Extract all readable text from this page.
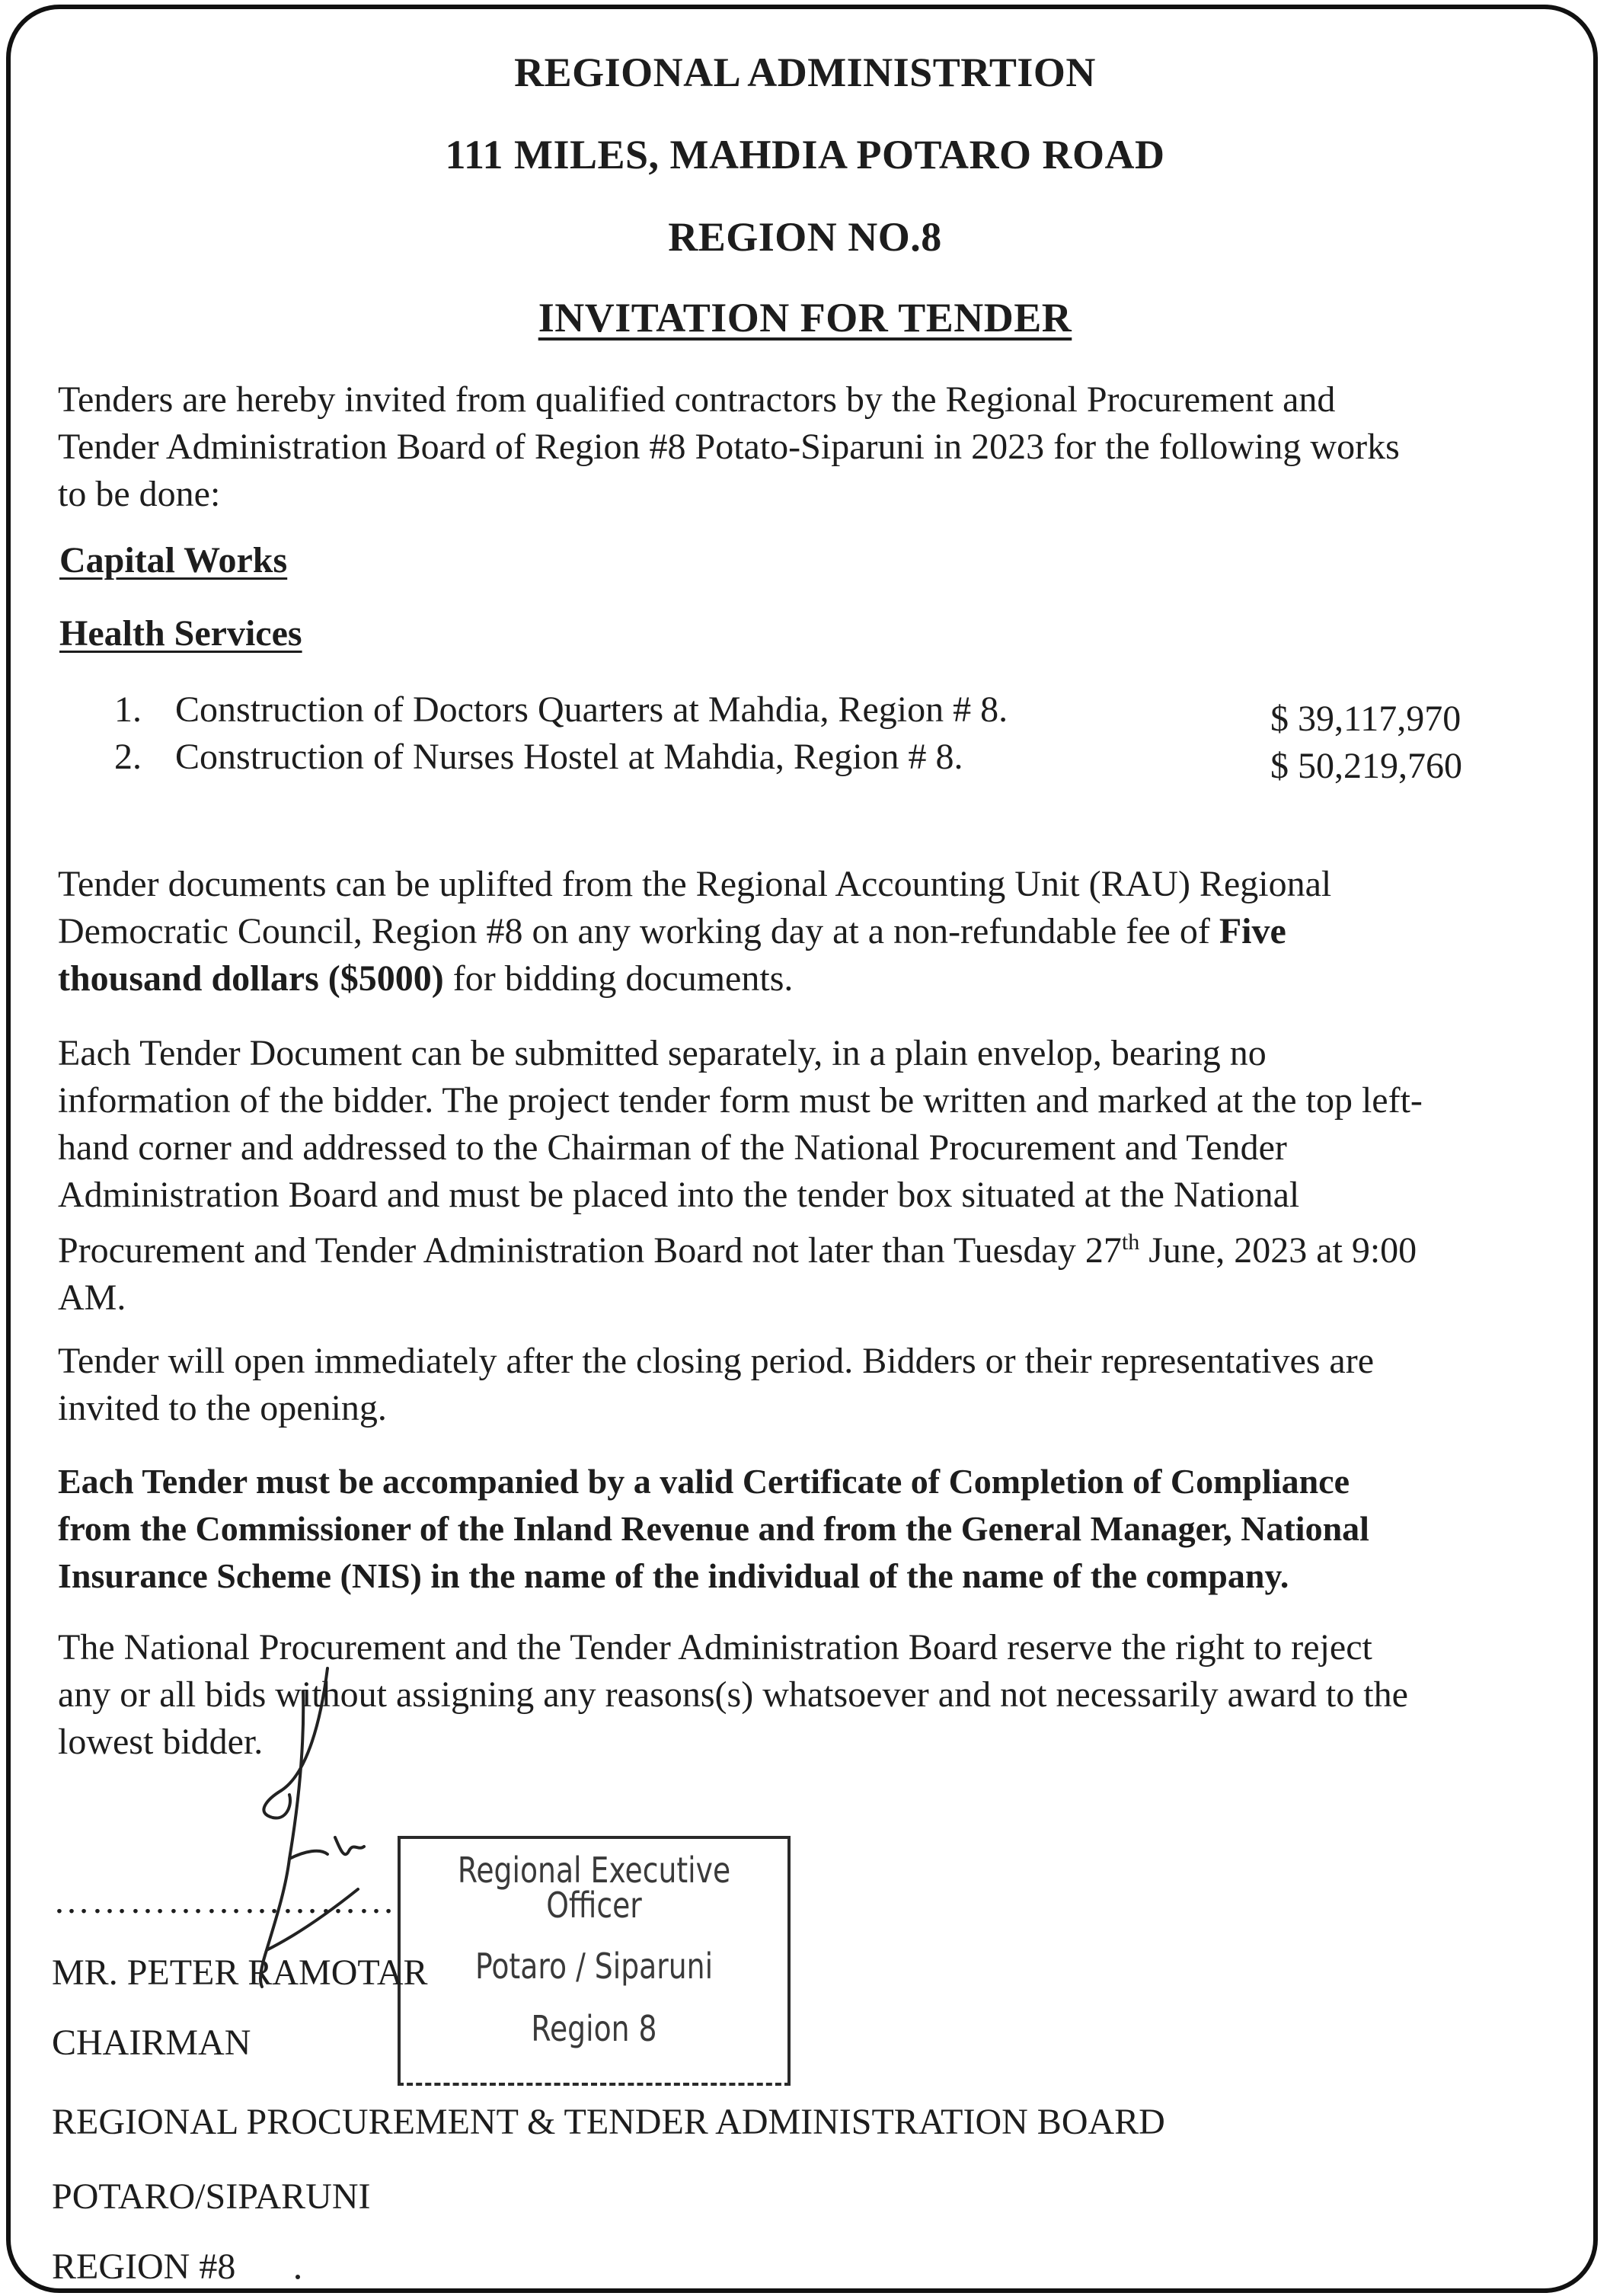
REGIONAL ADMINISTRTION
111 MILES, MAHDIA POTARO ROAD
REGION NO.8
INVITATION FOR TENDER
Tenders are hereby invited from qualified contractors by the Regional Procurement and
Tender Administration Board of Region #8 Potato-Siparuni in 2023 for the following works
to be done:
Capital Works
Health Services
1. Construction of Doctors Quarters at Mahdia, Region # 8.	$ 39,117,970
2. Construction of Nurses Hostel at Mahdia, Region # 8.	$ 50,219,760
Tender documents can be uplifted from the Regional Accounting Unit (RAU) Regional
Democratic Council, Region #8 on any working day at a non-refundable fee of Five
thousand dollars ($5000) for bidding documents.
Each Tender Document can be submitted separately, in a plain envelop, bearing no
information of the bidder. The project tender form must be written and marked at the top left-
hand corner and addressed to the Chairman of the National Procurement and Tender
Administration Board and must be placed into the tender box situated at the National
Procurement and Tender Administration Board not later than Tuesday 27th June, 2023 at 9:00
AM.
Tender will open immediately after the closing period. Bidders or their representatives are
invited to the opening.
Each Tender must be accompanied by a valid Certificate of Completion of Compliance
from the Commissioner of the Inland Revenue and from the General Manager, National
Insurance Scheme (NIS) in the name of the individual of the name of the company.
The National Procurement and the Tender Administration Board reserve the right to reject
any or all bids without assigning any reasons(s) whatsoever and not necessarily award to the
lowest bidder.
………………………
Regional Executive Officer
Potaro / Siparuni
Region 8
MR. PETER RAMOTAR
CHAIRMAN
REGIONAL PROCUREMENT & TENDER ADMINISTRATION BOARD
POTARO/SIPARUNI
REGION #8
